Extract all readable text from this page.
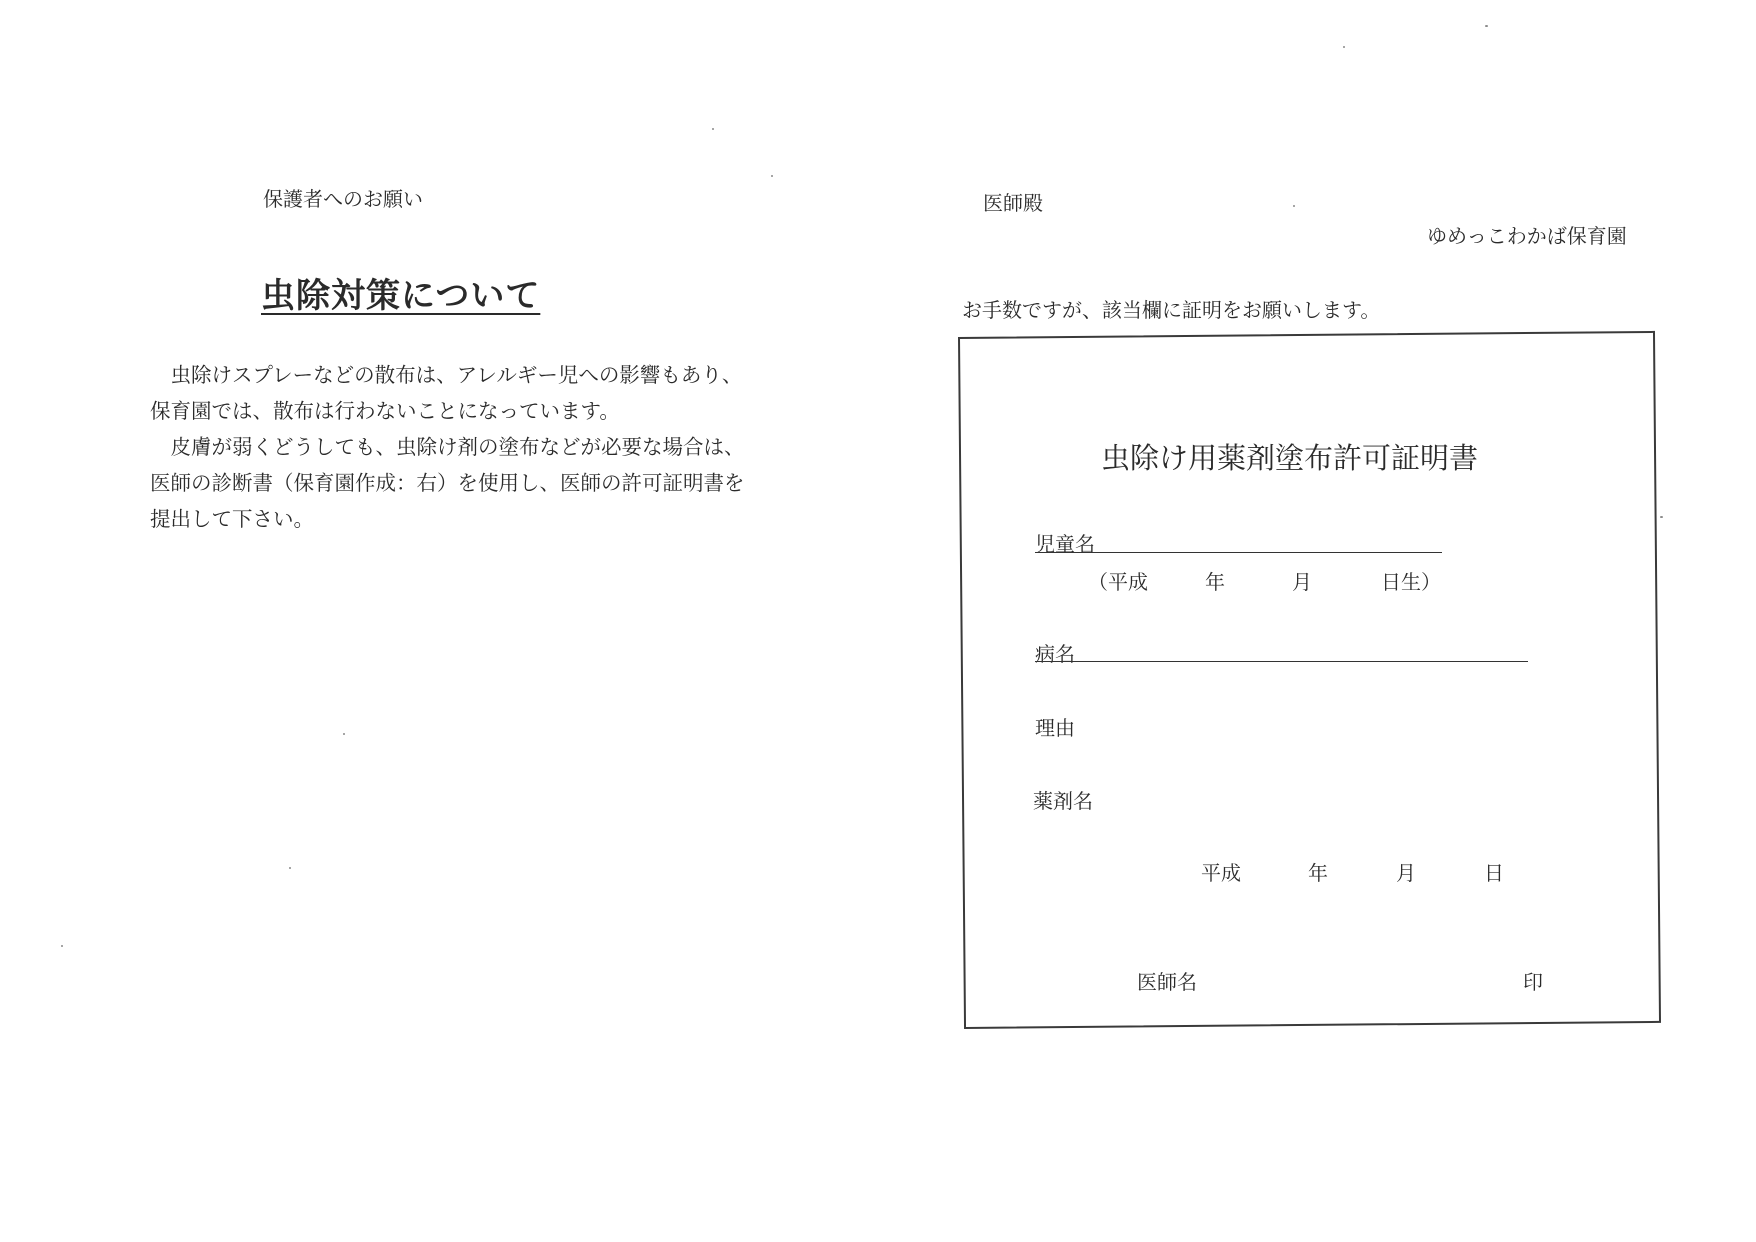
保護者へのお願い
虫除対策について
　虫除けスプレーなどの散布は、アレルギー児への影響もあり、
保育園では、散布は行わないことになっています。
　皮膚が弱くどうしても、虫除け剤の塗布などが必要な場合は、
医師の診断書（保育園作成：右）を使用し、医師の許可証明書を
提出して下さい。
医師殿
ゆめっこわかば保育園
お手数ですが、該当欄に証明をお願いします。
虫除け用薬剤塗布許可証明書
児童名
（平成	年	月	日生）
病名
理由
薬剤名
平成	年	月	日
医師名	印
